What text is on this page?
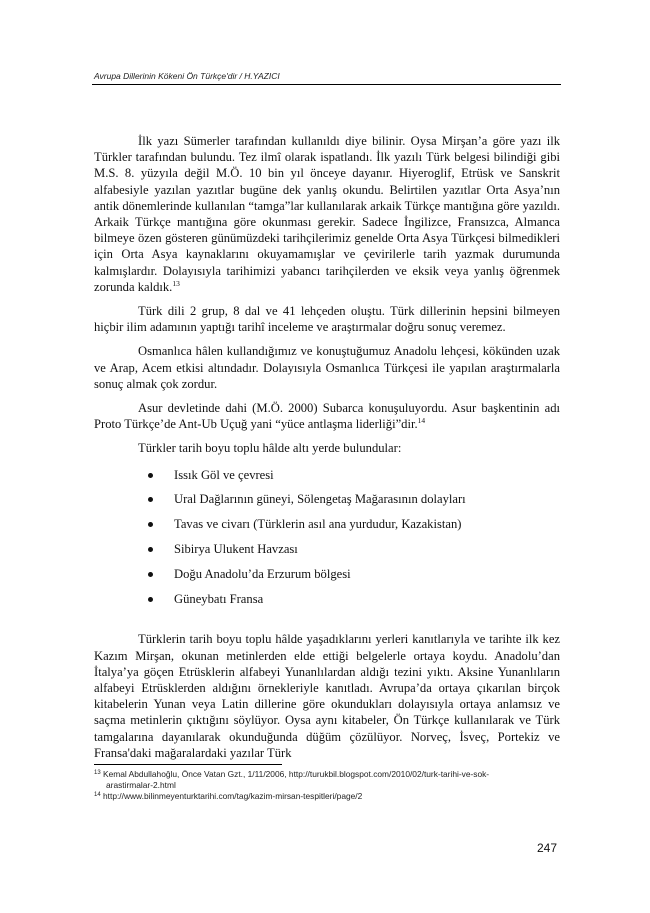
Avrupa Dillerinin Kökeni Ön Türkçe'dir / H.YAZICI

İlk yazı Sümerler tarafından kullanıldı diye bilinir. Oysa Mirşan’a göre yazı ilk Türkler tarafından bulundu. Tez ilmî olarak ispatlandı. İlk yazılı Türk belgesi bilindiği gibi M.S. 8. yüzyıla değil M.Ö. 10 bin yıl önceye dayanır. Hiyeroglif, Etrüsk ve Sanskrit alfabesiyle yazılan yazıtlar bugüne dek yanlış okundu. Belirtilen yazıtlar Orta Asya’nın antik dönemlerinde kullanılan “tamga”lar kullanılarak arkaik Türkçe mantığına göre yazıldı. Arkaik Türkçe mantığına göre okunması gerekir. Sadece İngilizce, Fransızca, Almanca bilmeye özen gösteren günümüzdeki tarihçilerimiz genelde Orta Asya Türkçesi bilmedikleri için Orta Asya kaynaklarını okuyamamışlar ve çevirilerle tarih yazmak durumunda kalmışlardır. Dolayısıyla tarihimizi yabancı tarihçilerden ve eksik veya yanlış öğrenmek zorunda kaldık.$^{13}$

Türk dili 2 grup, 8 dal ve 41 lehçeden oluştu. Türk dillerinin hepsini bilmeyen hiçbir ilim adamının yaptığı tarihî inceleme ve araştırmalar doğru sonuç veremez.

Osmanlıca hâlen kullandığımız ve konuştuğumuz Anadolu lehçesi, kökünden uzak ve Arap, Acem etkisi altındadır. Dolayısıyla Osmanlıca Türkçesi ile yapılan araştırmalarla sonuç almak çok zordur.

Asur devletinde dahi (M.Ö. 2000) Subarca konuşuluyordu. Asur başkentinin adı Proto Türkçe’de Ant-Ub Uçuğ yani “yüce antlaşma liderliği”dir.$^{14}$

Türkler tarih boyu toplu hâlde altı yerde bulundular:

Issık Göl ve çevresi
Ural Dağlarının güneyi, Sölengetaş Mağarasının dolayları
Tavas ve civarı (Türklerin asıl ana yurdudur, Kazakistan)
Sibirya Ulukent Havzası
Doğu Anadolu’da Erzurum bölgesi
Güneybatı Fransa

Türklerin tarih boyu toplu hâlde yaşadıklarını yerleri kanıtlarıyla ve tarihte ilk kez Kazım Mirşan, okunan metinlerden elde ettiği belgelerle ortaya koydu. Anadolu’dan İtalya’ya göçen Etrüsklerin alfabeyi Yunanlılardan aldığı tezini yıktı. Aksine Yunanlıların alfabeyi Etrüsklerden aldığını örnekleriyle kanıtladı. Avrupa’da ortaya çıkarılan birçok kitabelerin Yunan veya Latin dillerine göre okundukları dolayısıyla ortaya anlamsız ve saçma metinlerin çıktığını söylüyor. Oysa aynı kitabeler, Ön Türkçe kullanılarak ve Türk tamgalarına dayanılarak okunduğunda düğüm çözülüyor. Norveç, İsveç, Portekiz ve Fransa'daki mağaralardaki yazılar Türk

$^{13}$ Kemal Abdullahoğlu, Önce Vatan Gzt., 1/11/2006, http://turukbil.blogspot.com/2010/02/turk-tarihi-ve-sok-

arastirmalar-2.html

$^{14}$ http://www.bilinmeyenturktarihi.com/tag/kazim-mirsan-tespitleri/page/2

247
